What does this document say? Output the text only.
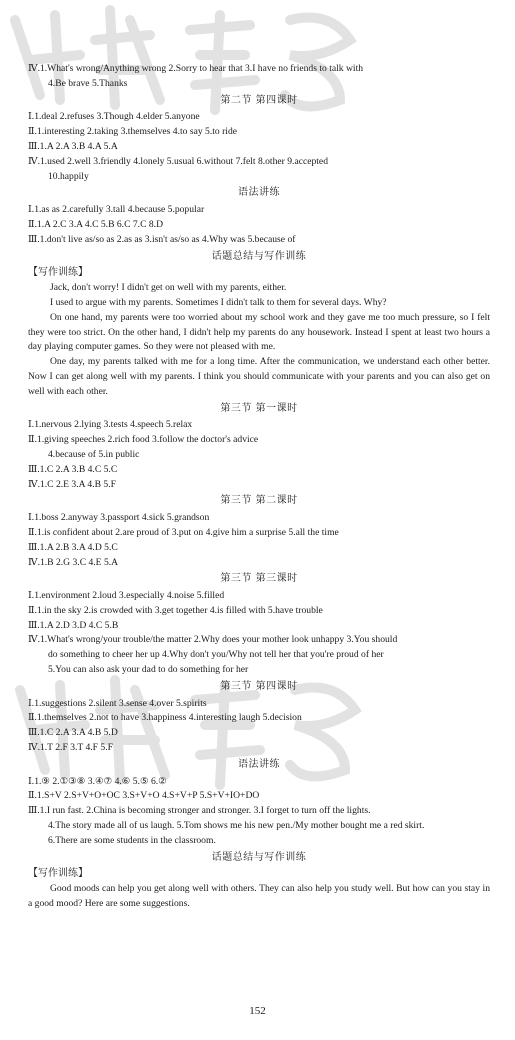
Ⅳ.1.What's wrong/Anything wrong 2.Sorry to hear that 3.I have no friends to talk with
4.Be brave 5.Thanks
第二节 第四课时
Ⅰ.1.deal 2.refuses 3.Though 4.elder 5.anyone
Ⅱ.1.interesting 2.taking 3.themselves 4.to say 5.to ride
Ⅲ.1.A 2.A 3.B 4.A 5.A
Ⅳ.1.used 2.well 3.friendly 4.lonely 5.usual 6.without 7.felt 8.other 9.accepted
10.happily
语法讲练
Ⅰ.1.as as 2.carefully 3.tall 4.because 5.popular
Ⅱ.1.A 2.C 3.A 4.C 5.B 6.C 7.C 8.D
Ⅲ.1.don't live as/so as 2.as as 3.isn't as/so as 4.Why was 5.because of
话题总结与写作训练
【写作训练】
Jack, don't worry! I didn't get on well with my parents, either.
I used to argue with my parents. Sometimes I didn't talk to them for several days. Why?
On one hand, my parents were too worried about my school work and they gave me too much pressure, so I felt they were too strict. On the other hand, I didn't help my parents do any housework. Instead I spent at least two hours a day playing computer games. So they were not pleased with me.
One day, my parents talked with me for a long time. After the communication, we understand each other better. Now I can get along well with my parents. I think you should communicate with your parents and you can also get on well with each other.
第三节 第一课时
Ⅰ.1.nervous 2.lying 3.tests 4.speech 5.relax
Ⅱ.1.giving speeches 2.rich food 3.follow the doctor's advice
4.because of 5.in public
Ⅲ.1.C 2.A 3.B 4.C 5.C
Ⅳ.1.C 2.E 3.A 4.B 5.F
第三节 第二课时
Ⅰ.1.boss 2.anyway 3.passport 4.sick 5.grandson
Ⅱ.1.is confident about 2.are proud of 3.put on 4.give him a surprise 5.all the time
Ⅲ.1.A 2.B 3.A 4.D 5.C
Ⅳ.1.B 2.G 3.C 4.E 5.A
第三节 第三课时
Ⅰ.1.environment 2.loud 3.especially 4.noise 5.filled
Ⅱ.1.in the sky 2.is crowded with 3.get together 4.is filled with 5.have trouble
Ⅲ.1.A 2.D 3.D 4.C 5.B
Ⅳ.1.What's wrong/your trouble/the matter 2.Why does your mother look unhappy 3.You should
do something to cheer her up 4.Why don't you/Why not tell her that you're proud of her
5.You can also ask your dad to do something for her
第三节 第四课时
Ⅰ.1.suggestions 2.silent 3.sense 4.over 5.spirits
Ⅱ.1.themselves 2.not to have 3.happiness 4.interesting laugh 5.decision
Ⅲ.1.C 2.A 3.A 4.B 5.D
Ⅳ.1.T 2.F 3.T 4.F 5.F
语法讲练
Ⅰ.1.⑨ 2.①③⑧ 3.④⑦ 4.⑥ 5.⑤ 6.②
Ⅱ.1.S+V 2.S+V+O+OC 3.S+V+O 4.S+V+P 5.S+V+IO+DO
Ⅲ.1.I run fast. 2.China is becoming stronger and stronger. 3.I forget to turn off the lights.
4.The story made all of us laugh. 5.Tom shows me his new pen./My mother bought me a red skirt.
6.There are some students in the classroom.
话题总结与写作训练
【写作训练】
Good moods can help you get along well with others. They can also help you study well. But how can you stay in a good mood? Here are some suggestions.
152
